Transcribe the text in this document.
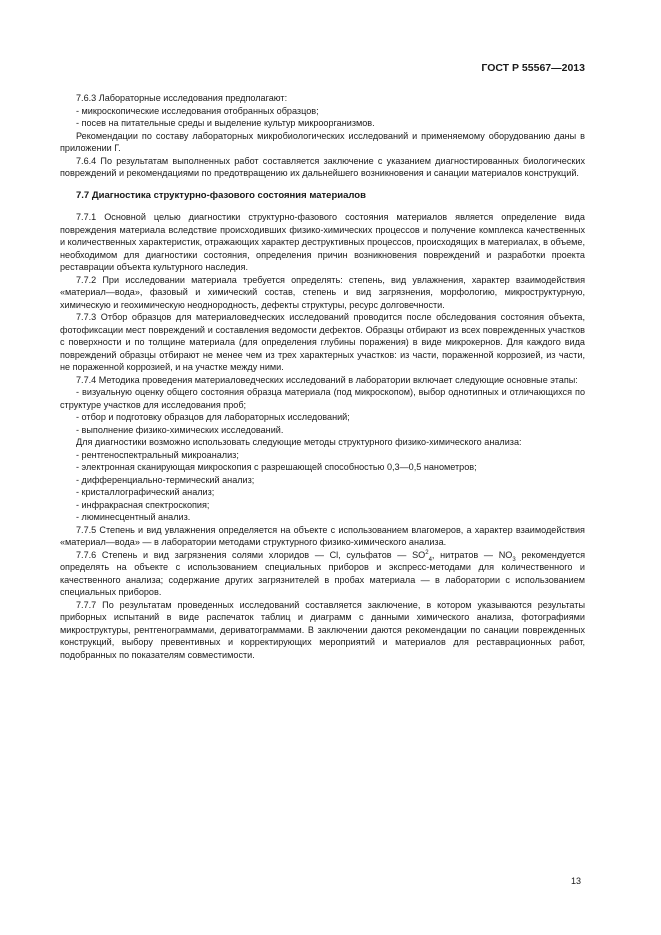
ГОСТ Р 55567—2013

7.6.3 Лабораторные исследования предполагают:

- микроскопические исследования отобранных образцов;

- посев на питательные среды и выделение культур микроорганизмов.

Рекомендации по составу лабораторных микробиологических исследований и применяемому оборудованию даны в приложении Г.

7.6.4 По результатам выполненных работ составляется заключение с указанием диагностированных биологических повреждений и рекомендациями по предотвращению их дальнейшего возникновения и санации материалов конструкций.

7.7 Диагностика структурно-фазового состояния материалов

7.7.1 Основной целью диагностики структурно-фазового состояния материалов является определение вида повреждения материала вследствие происходивших физико-химических процессов и получение комплекса качественных и количественных характеристик, отражающих характер деструктивных процессов, происходящих в материалах, в объеме, необходимом для диагностики состояния, определения причин возникновения повреждений и разработки проекта реставрации объекта культурного наследия.

7.7.2 При исследовании материала требуется определять: степень, вид увлажнения, характер взаимодействия «материал—вода», фазовый и химический состав, степень и вид загрязнения, морфологию, микроструктурную, химическую и геохимическую неоднородность, дефекты структуры, ресурс долговечности.

7.7.3 Отбор образцов для материаловедческих исследований проводится после обследования состояния объекта, фотофиксации мест повреждений и составления ведомости дефектов. Образцы отбирают из всех поврежденных участков с поверхности и по толщине материала (для определения глубины поражения) в виде микрокернов. Для каждого вида повреждений образцы отбирают не менее чем из трех характерных участков: из части, пораженной коррозией, из части, не пораженной коррозией, и на участке между ними.

7.7.4 Методика проведения материаловедческих исследований в лаборатории включает следующие основные этапы:

- визуальную оценку общего состояния образца материала (под микроскопом), выбор однотипных и отличающихся по структуре участков для исследования проб;

- отбор и подготовку образцов для лабораторных исследований;

- выполнение физико-химических исследований.

Для диагностики возможно использовать следующие методы структурного физико-химического анализа:

- рентгеноспектральный микроанализ;

- электронная сканирующая микроскопия с разрешающей способностью 0,3—0,5 нанометров;

- дифференциально-термический анализ;

- кристаллографический анализ;

- инфракрасная спектроскопия;

- люминесцентный анализ.

7.7.5 Степень и вид увлажнения определяется на объекте с использованием влагомеров, а характер взаимодействия «материал—вода» — в лаборатории методами структурного физико-химического анализа.

7.7.6 Степень и вид загрязнения солями хлоридов — Cl, сульфатов — $SO^2_4$, нитратов — $NO_3$ рекомендуется определять на объекте с использованием специальных приборов и экспресс-методами для количественного и качественного анализа; содержание других загрязнителей в пробах материала — в лаборатории с использованием специальных приборов.

7.7.7 По результатам проведенных исследований составляется заключение, в котором указываются результаты приборных испытаний в виде распечаток таблиц и диаграмм с данными химического анализа, фотографиями микроструктуры, рентгенограммами, дериватограммами. В заключении даются рекомендации по санации поврежденных конструкций, выбору превентивных и корректирующих мероприятий и материалов для реставрационных работ, подобранных по показателям совместимости.

13
